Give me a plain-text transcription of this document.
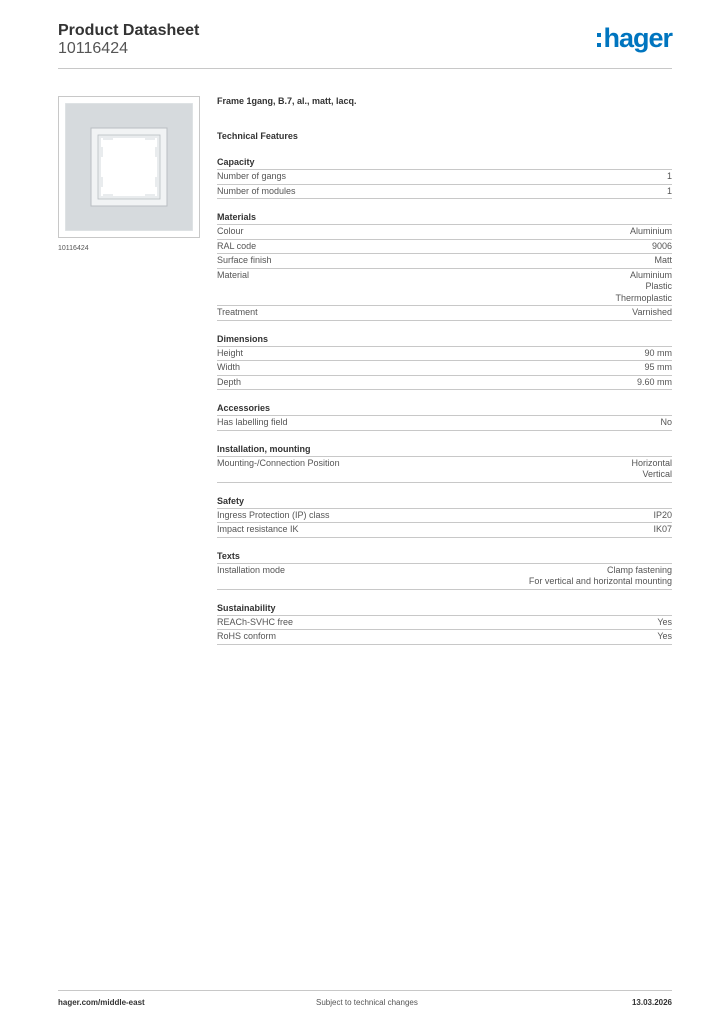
Product Datasheet
10116424	hager
10116424
Frame 1gang, B.7, al., matt, lacq.
Technical Features
Capacity
Number of gangs	1
Number of modules	1
Materials
Colour	Aluminium
RAL code	9006
Surface finish	Matt
Material	Aluminium
Plastic
Thermoplastic
Treatment	Varnished
Dimensions
Height	90 mm
Width	95 mm
Depth	9.60 mm
Accessories
Has labelling field	No
Installation, mounting
Mounting-/Connection Position	Horizontal
Vertical
Safety
Ingress Protection (IP) class	IP20
Impact resistance IK	IK07
Texts
Installation mode	Clamp fastening
For vertical and horizontal mounting
Sustainability
REACh-SVHC free	Yes
RoHS conform	Yes
hager.com/middle-east	Subject to technical changes	13.03.2026
